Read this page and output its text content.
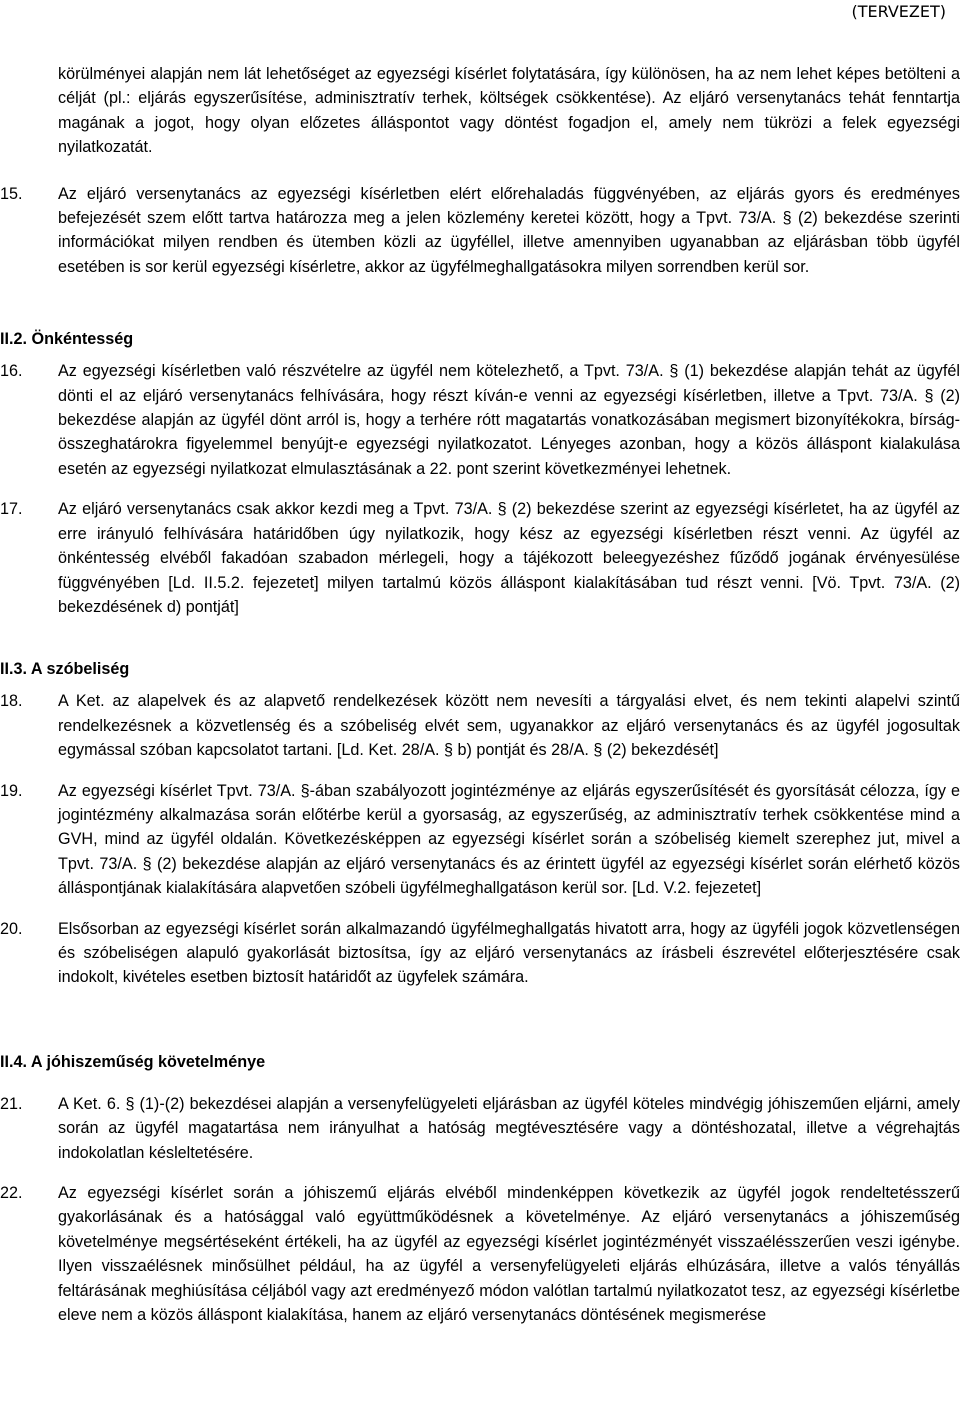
(TERVEZET)

körülményei alapján nem lát lehetőséget az egyezségi kísérlet folytatására, így különösen, ha az nem lehet képes betölteni a célját (pl.: eljárás egyszerűsítése, adminisztratív terhek, költségek csökkentése). Az eljáró versenytanács tehát fenntartja magának a jogot, hogy olyan előzetes álláspontot vagy döntést fogadjon el, amely nem tükrözi a felek egyezségi nyilatkozatát.

15.	Az eljáró versenytanács az egyezségi kísérletben elért előrehaladás függvényében, az eljárás gyors és eredményes befejezését szem előtt tartva határozza meg a jelen közlemény keretei között, hogy a Tpvt. 73/A. § (2) bekezdése szerinti információkat milyen rendben és ütemben közli az ügyféllel, illetve amennyiben ugyanabban az eljárásban több ügyfél esetében is sor kerül egyezségi kísérletre, akkor az ügyfélmeghallgatásokra milyen sorrendben kerül sor.

II.2. Önkéntesség
16.	Az egyezségi kísérletben való részvételre az ügyfél nem kötelezhető, a Tpvt. 73/A. § (1) bekezdése alapján tehát az ügyfél dönti el az eljáró versenytanács felhívására, hogy részt kíván-e venni az egyezségi kísérletben, illetve a Tpvt. 73/A. § (2) bekezdése alapján az ügyfél dönt arról is, hogy a terhére rótt magatartás vonatkozásában megismert bizonyítékokra, bírság-összeghatárokra figyelemmel benyújt-e egyezségi nyilatkozatot. Lényeges azonban, hogy a közös álláspont kialakulása esetén az egyezségi nyilatkozat elmulasztásának a 22. pont szerint következményei lehetnek.

17.	Az eljáró versenytanács csak akkor kezdi meg a Tpvt. 73/A. § (2) bekezdése szerint az egyezségi kísérletet, ha az ügyfél az erre irányuló felhívására határidőben úgy nyilatkozik, hogy kész az egyezségi kísérletben részt venni. Az ügyfél az önkéntesség elvéből fakadóan szabadon mérlegeli, hogy a tájékozott beleegyezéshez fűződő jogának érvényesülése függvényében [Ld. II.5.2. fejezetet] milyen tartalmú közös álláspont kialakításában tud részt venni. [Vö. Tpvt. 73/A. (2) bekezdésének d) pontját]

II.3. A szóbeliség
18.	A Ket. az alapelvek és az alapvető rendelkezések között nem nevesíti a tárgyalási elvet, és nem tekinti alapelvi szintű rendelkezésnek a közvetlenség és a szóbeliség elvét sem, ugyanakkor az eljáró versenytanács és az ügyfél jogosultak egymással szóban kapcsolatot tartani. [Ld. Ket. 28/A. § b) pontját és 28/A. § (2) bekezdését]

19.	Az egyezségi kísérlet Tpvt. 73/A. §-ában szabályozott jogintézménye az eljárás egyszerűsítését és gyorsítását célozza, így e jogintézmény alkalmazása során előtérbe kerül a gyorsaság, az egyszerűség, az adminisztratív terhek csökkentése mind a GVH, mind az ügyfél oldalán. Következésképpen az egyezségi kísérlet során a szóbeliség kiemelt szerephez jut, mivel a Tpvt. 73/A. § (2) bekezdése alapján az eljáró versenytanács és az érintett ügyfél az egyezségi kísérlet során elérhető közös álláspontjának kialakítására alapvetően szóbeli ügyfélmeghallgatáson kerül sor. [Ld. V.2. fejezetet]

20.	Elsősorban az egyezségi kísérlet során alkalmazandó ügyfélmeghallgatás hivatott arra, hogy az ügyféli jogok közvetlenségen és szóbeliségen alapuló gyakorlását biztosítsa, így az eljáró versenytanács az írásbeli észrevétel előterjesztésére csak indokolt, kivételes esetben biztosít határidőt az ügyfelek számára.

II.4. A jóhiszeműség követelménye
21.	A Ket. 6. § (1)-(2) bekezdései alapján a versenyfelügyeleti eljárásban az ügyfél köteles mindvégig jóhiszeműen eljárni, amely során az ügyfél magatartása nem irányulhat a hatóság megtévesztésére vagy a döntéshozatal, illetve a végrehajtás indokolatlan késleltetésére.

22.	Az egyezségi kísérlet során a jóhiszemű eljárás elvéből mindenképpen következik az ügyfél jogok rendeltetésszerű gyakorlásának és a hatósággal való együttműködésnek a követelménye. Az eljáró versenytanács a jóhiszeműség követelménye megsértéseként értékeli, ha az ügyfél az egyezségi kísérlet jogintézményét visszaélésszerűen veszi igénybe. Ilyen visszaélésnek minősülhet például, ha az ügyfél a versenyfelügyeleti eljárás elhúzására, illetve a valós tényállás feltárásának meghiúsítása céljából vagy azt eredményező módon valótlan tartalmú nyilatkozatot tesz, az egyezségi kísérletbe eleve nem a közös álláspont kialakítása, hanem az eljáró versenytanács döntésének megismerése
